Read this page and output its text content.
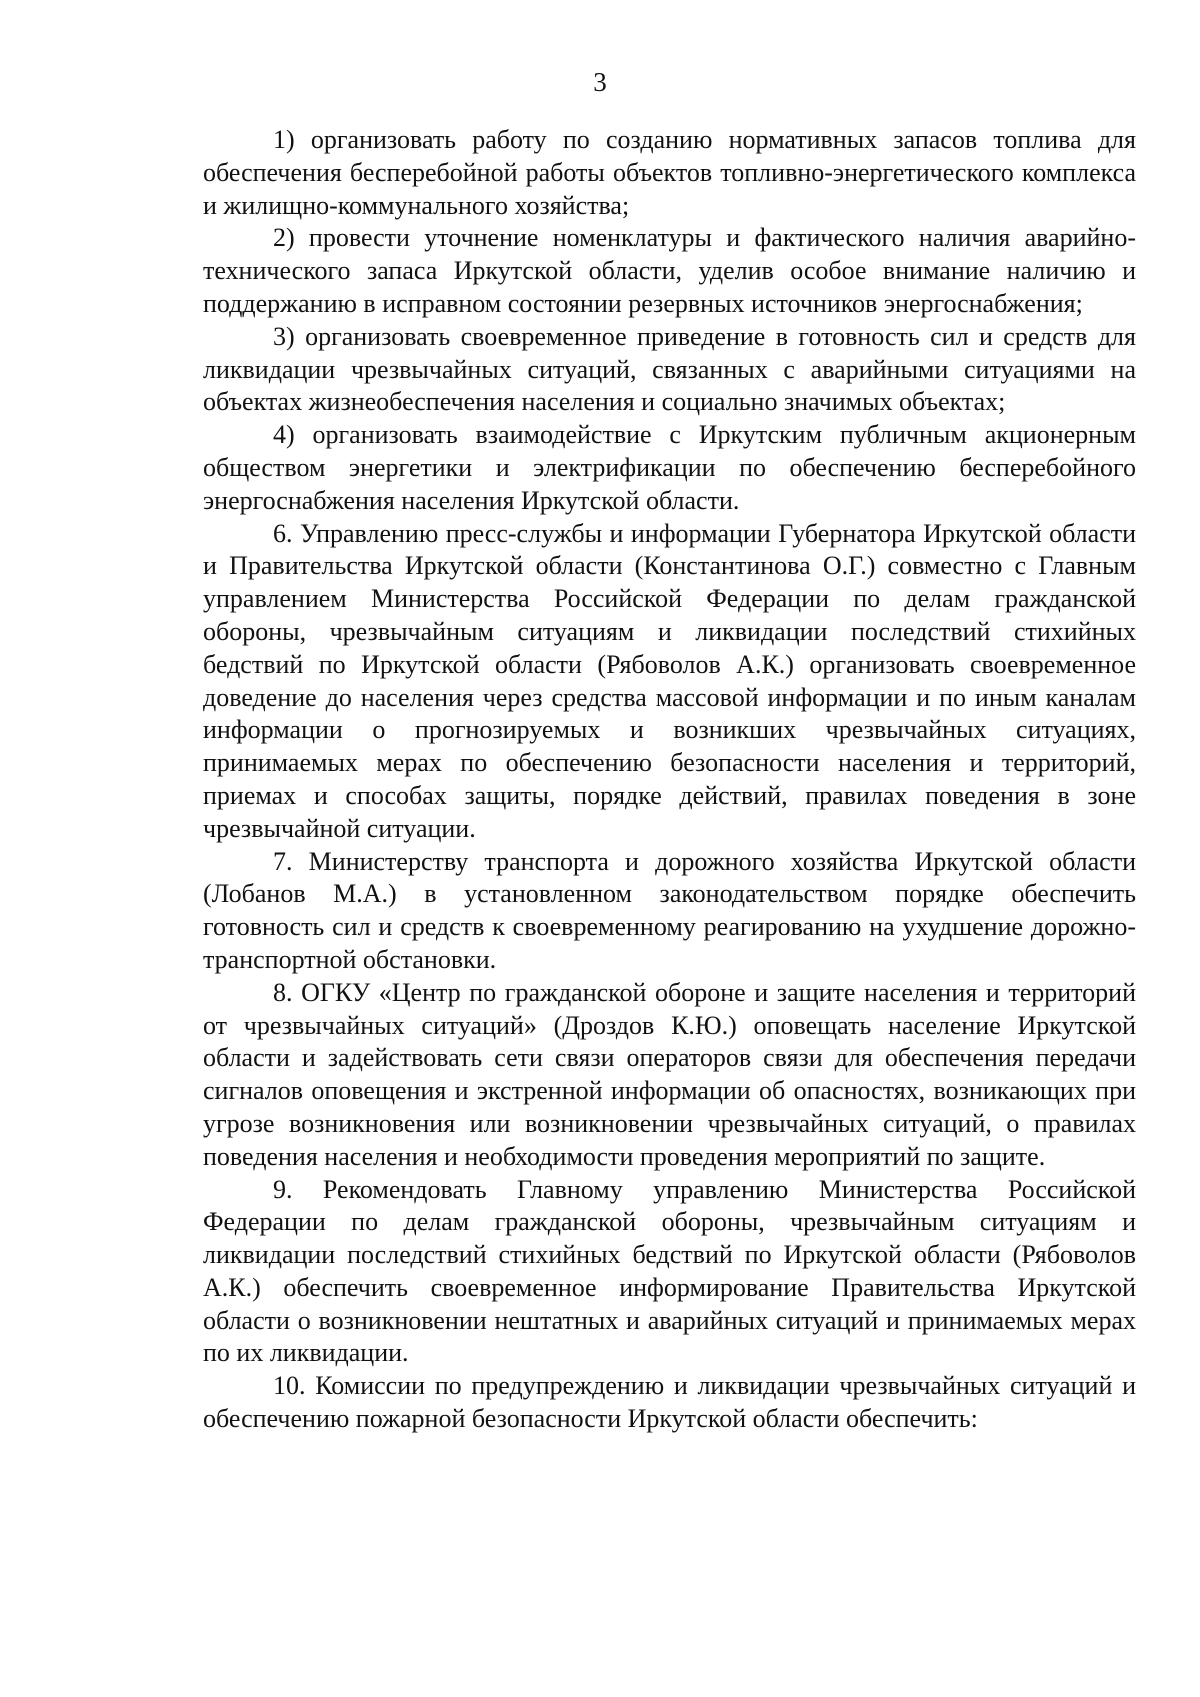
3

1) организовать работу по созданию нормативных запасов топлива для обеспечения бесперебойной работы объектов топливно-энергетического комплекса и жилищно-коммунального хозяйства;

2) провести уточнение номенклатуры и фактического наличия аварийно-технического запаса Иркутской области, уделив особое внимание наличию и поддержанию в исправном состоянии резервных источников энергоснабжения;

3) организовать своевременное приведение в готовность сил и средств для ликвидации чрезвычайных ситуаций, связанных с аварийными ситуациями на объектах жизнеобеспечения населения и социально значимых объектах;

4) организовать взаимодействие с Иркутским публичным акционерным обществом энергетики и электрификации по обеспечению бесперебойного энергоснабжения населения Иркутской области.

6. Управлению пресс-службы и информации Губернатора Иркутской области и Правительства Иркутской области (Константинова О.Г.) совместно с Главным управлением Министерства Российской Федерации по делам гражданской обороны, чрезвычайным ситуациям и ликвидации последствий стихийных бедствий по Иркутской области (Рябоволов А.К.) организовать своевременное доведение до населения через средства массовой информации и по иным каналам информации о прогнозируемых и возникших чрезвычайных ситуациях, принимаемых мерах по обеспечению безопасности населения и территорий, приемах и способах защиты, порядке действий, правилах поведения в зоне чрезвычайной ситуации.

7. Министерству транспорта и дорожного хозяйства Иркутской области (Лобанов М.А.) в установленном законодательством порядке обеспечить готовность сил и средств к своевременному реагированию на ухудшение дорожно-транспортной обстановки.

8. ОГКУ «Центр по гражданской обороне и защите населения и территорий от чрезвычайных ситуаций» (Дроздов К.Ю.) оповещать население Иркутской области и задействовать сети связи операторов связи для обеспечения передачи сигналов оповещения и экстренной информации об опасностях, возникающих при угрозе возникновения или возникновении чрезвычайных ситуаций, о правилах поведения населения и необходимости проведения мероприятий по защите.

9. Рекомендовать Главному управлению Министерства Российской Федерации по делам гражданской обороны, чрезвычайным ситуациям и ликвидации последствий стихийных бедствий по Иркутской области (Рябоволов А.К.) обеспечить своевременное информирование Правительства Иркутской области о возникновении нештатных и аварийных ситуаций и принимаемых мерах по их ликвидации.

10. Комиссии по предупреждению и ликвидации чрезвычайных ситуаций и обеспечению пожарной безопасности Иркутской области обеспечить:
